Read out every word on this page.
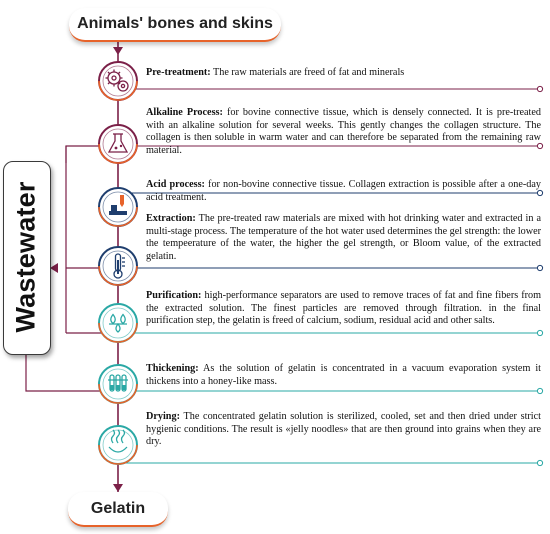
Wastewater
Animals' bones and skins
Gelatin
Pre-treatment: The raw materials are freed of fat and minerals
Alkaline Process: for bovine connective tissue, which is densely connected. It is pre-treated with an alkaline solution for several weeks. This gently changes the collagen structure. The collagen is then soluble in warm water and can therefore be separated from the remaining raw material.
Acid process: for non-bovine connective tissue. Collagen extraction is possible after a one-day acid treatment.
Extraction: The pre-treated raw materials are mixed with hot drinking water and extracted in a multi-stage process. The temperature of the hot water used determines the gel strength: the lower the tempeerature of the water, the higher the gel strength, or Bloom value, of the extracted gelatin.
Purification: high-performance separators are used to remove traces of fat and fine fibers from the extracted solution. The finest particles are removed through filtration. in the final purification step, the gelatin is freed of calcium, sodium, residual acid and other salts.
Thickening: As the solution of gelatin is concentrated in a vacuum evaporation system it thickens into a honey-like mass.
Drying: The concentrated gelatin solution is sterilized, cooled, set and then dried under strict hygienic conditions. The result is «jelly noodles» that are then ground into grains when they are dry.
